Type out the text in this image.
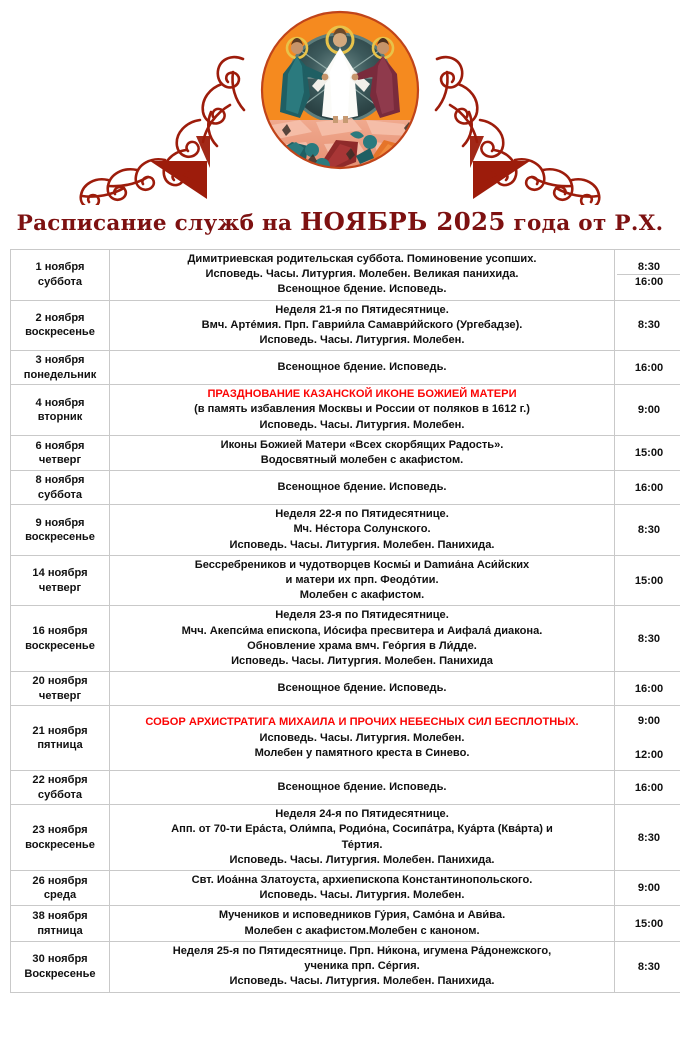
Расписание служб на НОЯБРЬ 2025 года от Р.Х.
1 ноября
суббота	Димитриевская родительская суббота. Поминовение усопших.
Исповедь. Часы. Литургия. Молебен. Великая панихида.
Всенощное бдение. Исповедь.	8:30
16:00

2 ноября
воскресенье	Неделя 21-я по Пятидесятнице.
Вмч. Арте́мия. Прп. Гаврии́ла Самаври́йского (Ургебадзе).
Исповедь. Часы. Литургия. Молебен.	8:30

3 ноября
понедельник	Всенощное бдение. Исповедь.	16:00

4 ноября
вторник	ПРАЗДНОВАНИЕ КАЗАНСКОЙ ИКОНЕ БОЖИЕЙ МАТЕРИ
(в память избавления Москвы и России от поляков в 1612 г.)
Исповедь. Часы. Литургия. Молебен.	9:00

6 ноября
четверг	Иконы Божией Матери «Всех скорбящих Радость».
Водосвятный молебен с акафистом.	15:00

8 ноября
суббота	Всенощное бдение. Исповедь.	16:00

9 ноября
воскресенье	Неделя 22-я по Пятидесятнице.
Мч. Не́стора Солунского.
Исповедь. Часы. Литургия. Молебен. Панихида.	8:30

14 ноября
четверг	Бессребреников и чудотворцев Космы́ и Damиа́на Аси́йских
и матери их прп. Феодо́тии.
Молебен с акафистом.	15:00

16 ноября
воскресенье	Неделя 23-я по Пятидесятнице.
Мчч. Акепси́ма епископа, Ио́сифа пресвитера и Аифала́ диакона.
Обновление храма вмч. Гео́ргия в Ли́дде.
Исповедь. Часы. Литургия. Молебен. Панихида	8:30

20 ноября
четверг	Всенощное бдение. Исповедь.	16:00

21 ноября
пятница	СОБОР АРХИСТРАТИГА МИХАИЛА И ПРОЧИХ НЕБЕСНЫХ СИЛ БЕСПЛОТНЫХ.
Исповедь. Часы. Литургия. Молебен.
Молебен у памятного креста в Синево.	9:00
12:00

22 ноября
суббота	Всенощное бдение. Исповедь.	16:00

23 ноября
воскресенье	Неделя 24-я по Пятидесятнице.
Апп. от 70-ти Ера́ста, Оли́мпа, Родио́на, Сосипа́тра, Куа́рта (Ква́рта) и
Те́ртия.
Исповедь. Часы. Литургия. Молебен. Панихида.	8:30

26 ноября
среда	Свт. Иоа́нна Златоуста, архиепископа Константинопольского.
Исповедь. Часы. Литургия. Молебен.	9:00

38 ноября
пятница	Мучеников и исповедников Гу́рия, Само́на и Ави́ва.
Молебен с акафистом.Молебен с каноном.	15:00

30 ноября
Воскресенье	Неделя 25-я по Пятидесятнице. Прп. Ни́кона, игумена Ра́донежского,
ученика прп. Се́ргия.
Исповедь. Часы. Литургия. Молебен. Панихида.	8:30
